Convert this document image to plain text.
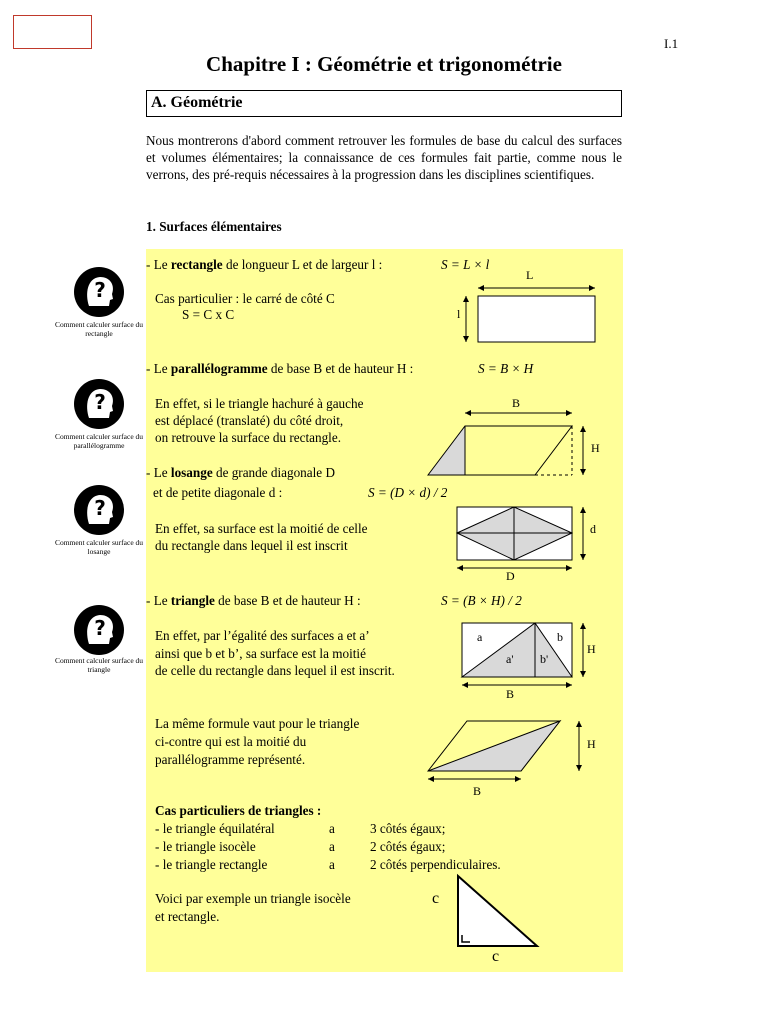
I.1
Chapitre I : Géométrie et trigonométrie
A. Géométrie
Nous montrerons d'abord comment retrouver les formules de base du calcul des surfaces et volumes élémentaires; la connaissance de ces formules fait partie, comme nous le verrons, des pré-requis nécessaires à la progression dans les disciplines scientifiques.
1. Surfaces élémentaires
?
Comment calculer surface du rectangle
?
Comment calculer surface du parallélogramme
?
Comment calculer surface du losange
?
Comment calculer surface du triangle
- Le rectangle de longueur L et de largeur l :	S = L × l
Cas particulier : le carré de côté C
S = C x C
L
l
- Le parallélogramme de base B et de hauteur H :	S = B × H
En effet, si le triangle hachuré à gauche
est déplacé (translaté) du côté droit,
on retrouve la surface du rectangle.
B
H
- Le losange de grande diagonale D
et de petite diagonale d :	S = (D × d) / 2
En effet, sa surface est la moitié de celle
du rectangle dans lequel il est inscrit
d
D
- Le triangle de base B et de hauteur H :	S = (B × H) / 2
En effet, par l’égalité des surfaces a et a’
ainsi que b et b’, sa surface est la moitié
de celle du rectangle dans lequel il est inscrit.
a	b
a' b'
H
B
La même formule vaut pour le triangle
ci-contre qui est la moitié du
parallélogramme représenté.
H
B
Cas particuliers de triangles :
- le triangle équilatéral	a	3 côtés égaux;
- le triangle isocèle	a	2 côtés égaux;
- le triangle rectangle	a	2 côtés perpendiculaires.
Voici par exemple un triangle isocèle
et rectangle.
c
c
